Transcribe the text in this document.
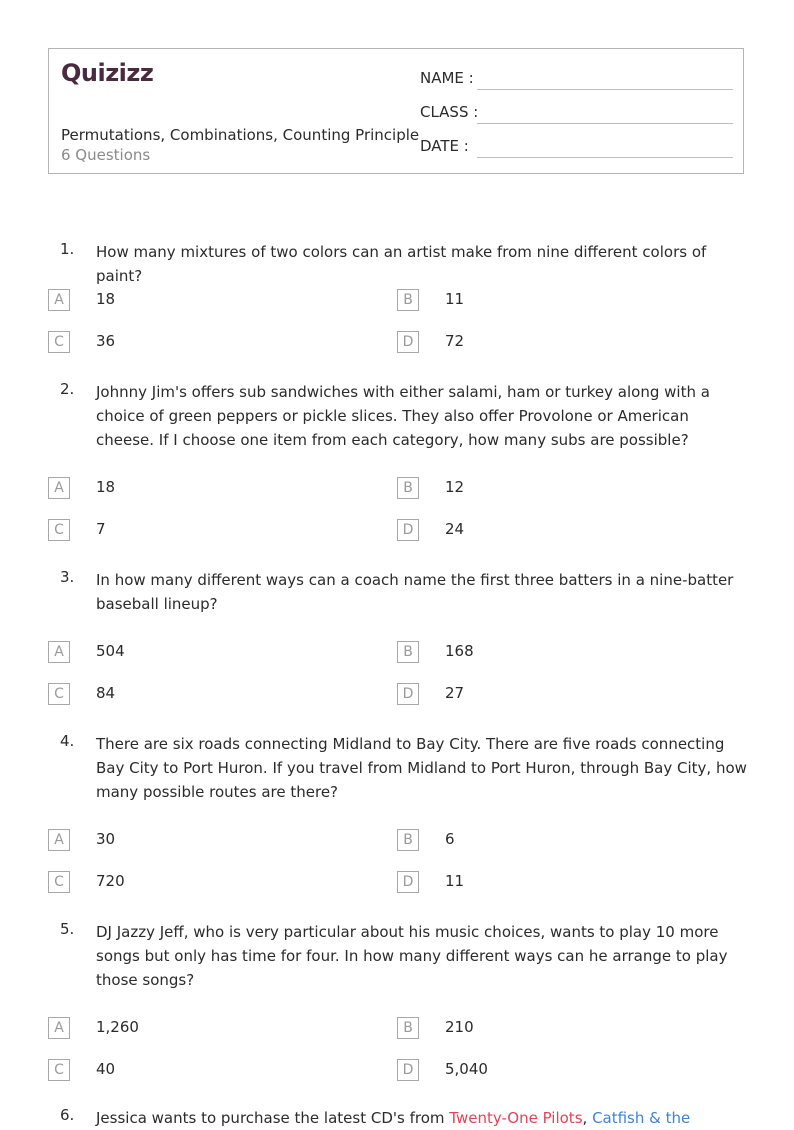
Quizizz
Permutations, Combinations, Counting Principle
6 Questions
NAME :
CLASS :
DATE :
1. How many mixtures of two colors can an artist make from nine different colors of paint?
A	18	B	11
C	36	D	72
2. Johnny Jim's offers sub sandwiches with either salami, ham or turkey along with a choice of green peppers or pickle slices. They also offer Provolone or American cheese. If I choose one item from each category, how many subs are possible?
A	18	B	12
C	7	D	24
3. In how many different ways can a coach name the first three batters in a nine-batter baseball lineup?
A	504	B	168
C	84	D	27
4. There are six roads connecting Midland to Bay City. There are five roads connecting Bay City to Port Huron. If you travel from Midland to Port Huron, through Bay City, how many possible routes are there?
A	30	B	6
C	720	D	11
5. DJ Jazzy Jeff, who is very particular about his music choices, wants to play 10 more songs but only has time for four. In how many different ways can he arrange to play those songs?
A	1,260	B	210
C	40	D	5,040
6. Jessica wants to purchase the latest CD's from Twenty-One Pilots, Catfish & the
